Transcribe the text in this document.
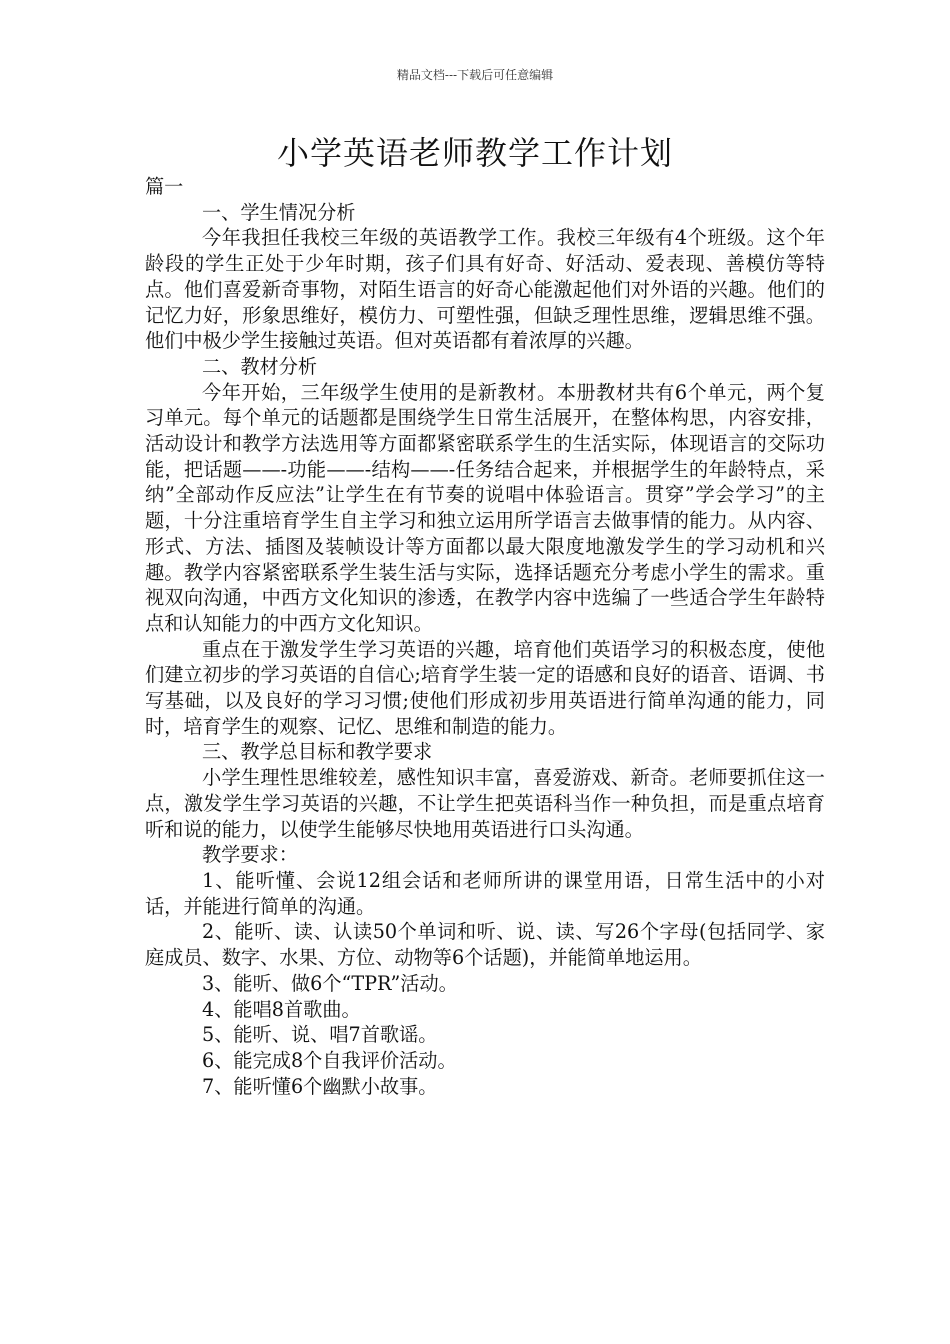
精品文档---下载后可任意编辑
小学英语老师教学工作计划

篇一

一、学生情况分析

今年我担任我校三年级的英语教学工作。我校三年级有4个班级。这个年龄段的学生正处于少年时期，孩子们具有好奇、好活动、爱表现、善模仿等特点。他们喜爱新奇事物，对陌生语言的好奇心能激起他们对外语的兴趣。他们的记忆力好，形象思维好，模仿力、可塑性强，但缺乏理性思维，逻辑思维不强。他们中极少学生接触过英语。但对英语都有着浓厚的兴趣。

二、教材分析

今年开始，三年级学生使用的是新教材。本册教材共有6个单元，两个复习单元。每个单元的话题都是围绕学生日常生活展开，在整体构思，内容安排，活动设计和教学方法选用等方面都紧密联系学生的生活实际，体现语言的交际功能，把话题——-功能——-结构——-任务结合起来，并根据学生的年龄特点，采纳”全部动作反应法”让学生在有节奏的说唱中体验语言。贯穿”学会学习”的主题，十分注重培育学生自主学习和独立运用所学语言去做事情的能力。从内容、形式、方法、插图及装帧设计等方面都以最大限度地激发学生的学习动机和兴趣。教学内容紧密联系学生装生活与实际，选择话题充分考虑小学生的需求。重视双向沟通，中西方文化知识的渗透，在教学内容中选编了一些适合学生年龄特点和认知能力的中西方文化知识。

重点在于激发学生学习英语的兴趣，培育他们英语学习的积极态度，使他们建立初步的学习英语的自信心;培育学生装一定的语感和良好的语音、语调、书写基础，以及良好的学习习惯;使他们形成初步用英语进行简单沟通的能力，同时，培育学生的观察、记忆、思维和制造的能力。

三、教学总目标和教学要求

小学生理性思维较差，感性知识丰富，喜爱游戏、新奇。老师要抓住这一点，激发学生学习英语的兴趣，不让学生把英语科当作一种负担，而是重点培育听和说的能力，以使学生能够尽快地用英语进行口头沟通。

教学要求：

1、能听懂、会说12组会话和老师所讲的课堂用语，日常生活中的小对话，并能进行简单的沟通。

2、能听、读、认读50个单词和听、说、读、写26个字母(包括同学、家庭成员、数字、水果、方位、动物等6个话题)，并能简单地运用。

3、能听、做6个“TPR”活动。

4、能唱8首歌曲。

5、能听、说、唱7首歌谣。

6、能完成8个自我评价活动。

7、能听懂6个幽默小故事。
